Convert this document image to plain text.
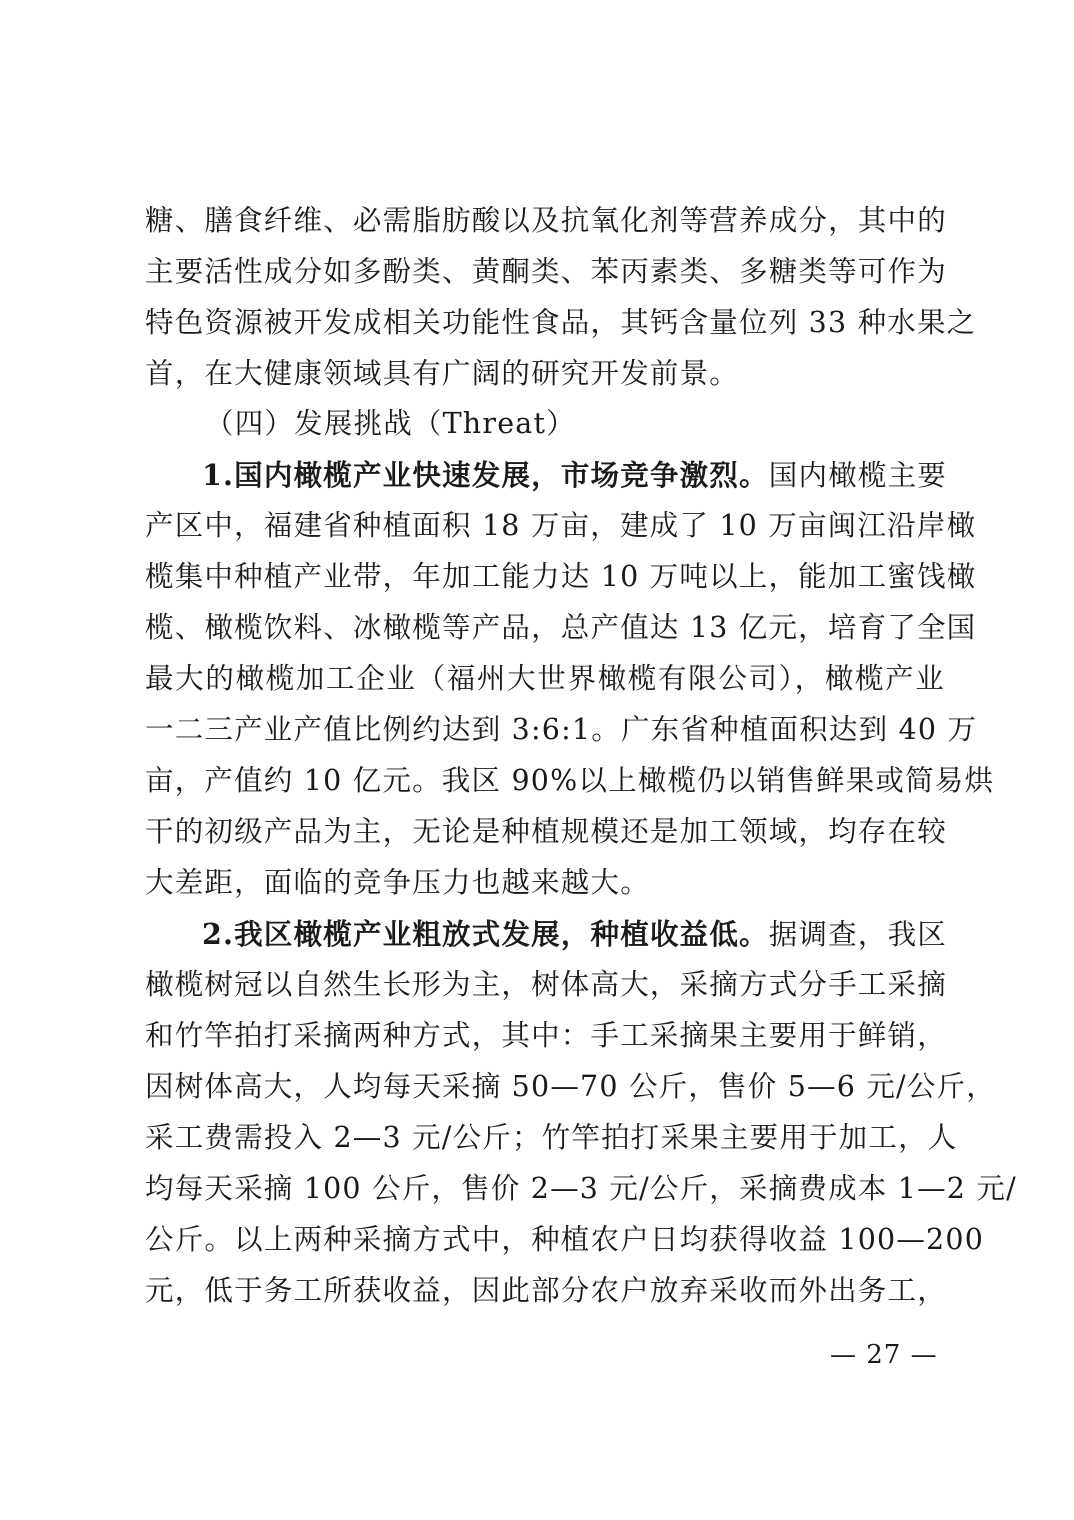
糖、膳食纤维、必需脂肪酸以及抗氧化剂等营养成分，其中的
主要活性成分如多酚类、黄酮类、苯丙素类、多糖类等可作为
特色资源被开发成相关功能性食品，其钙含量位列 33 种水果之
首，在大健康领域具有广阔的研究开发前景。
（四）发展挑战（Threat）
1.国内橄榄产业快速发展，市场竞争激烈。国内橄榄主要
产区中，福建省种植面积 18 万亩，建成了 10 万亩闽江沿岸橄
榄集中种植产业带，年加工能力达 10 万吨以上，能加工蜜饯橄
榄、橄榄饮料、冰橄榄等产品，总产值达 13 亿元，培育了全国
最大的橄榄加工企业（福州大世界橄榄有限公司），橄榄产业
一二三产业产值比例约达到 3:6:1。广东省种植面积达到 40 万
亩，产值约 10 亿元。我区 90%以上橄榄仍以销售鲜果或简易烘
干的初级产品为主，无论是种植规模还是加工领域，均存在较
大差距，面临的竞争压力也越来越大。
2.我区橄榄产业粗放式发展，种植收益低。据调查，我区
橄榄树冠以自然生长形为主，树体高大，采摘方式分手工采摘
和竹竿拍打采摘两种方式，其中：手工采摘果主要用于鲜销，
因树体高大，人均每天采摘 50—70 公斤，售价 5—6 元/公斤，
采工费需投入 2—3 元/公斤；竹竿拍打采果主要用于加工，人
均每天采摘 100 公斤，售价 2—3 元/公斤，采摘费成本 1—2 元/
公斤。以上两种采摘方式中，种植农户日均获得收益 100—200
元，低于务工所获收益，因此部分农户放弃采收而外出务工，
— 27 —
